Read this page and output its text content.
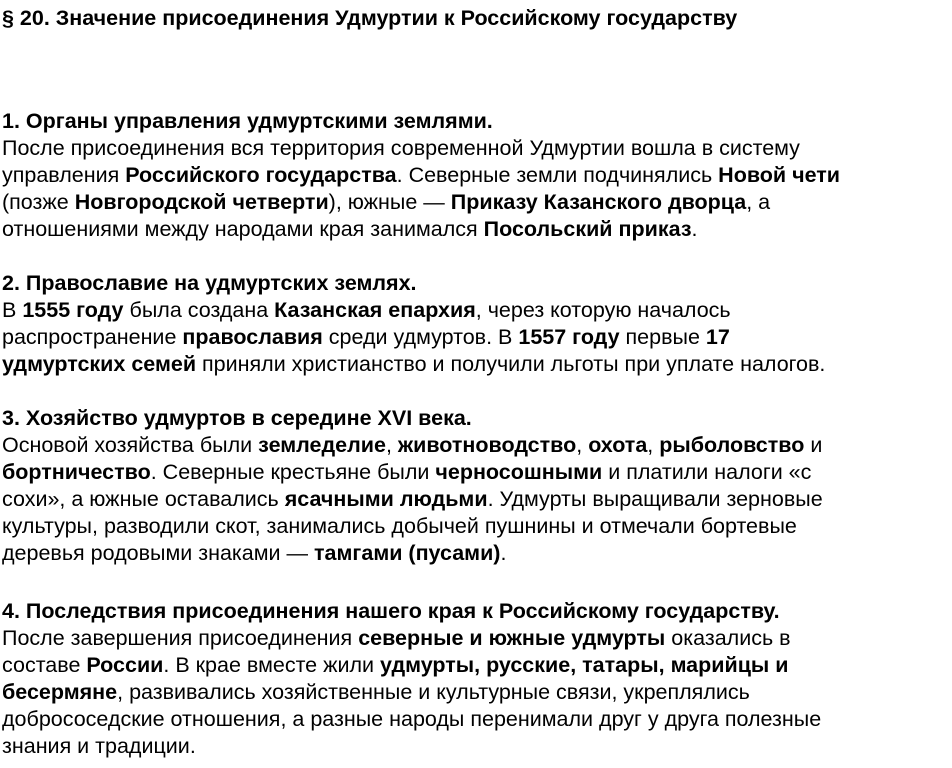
§ 20. Значение присоединения Удмуртии к Российскому государству
1. Органы управления удмуртскими землями.
После присоединения вся территория современной Удмуртии вошла в систему
управления Российского государства. Северные земли подчинялись Новой чети
(позже Новгородской четверти), южные — Приказу Казанского дворца, а
отношениями между народами края занимался Посольский приказ.
2. Православие на удмуртских землях.
В 1555 году была создана Казанская епархия, через которую началось
распространение православия среди удмуртов. В 1557 году первые 17
удмуртских семей приняли христианство и получили льготы при уплате налогов.
3. Хозяйство удмуртов в середине XVI века.
Основой хозяйства были земледелие, животноводство, охота, рыболовство и
бортничество. Северные крестьяне были черносошными и платили налоги «с
сохи», а южные оставались ясачными людьми. Удмурты выращивали зерновые
культуры, разводили скот, занимались добычей пушнины и отмечали бортевые
деревья родовыми знаками — тамгами (пусами).
4. Последствия присоединения нашего края к Российскому государству.
После завершения присоединения северные и южные удмурты оказались в
составе России. В крае вместе жили удмурты, русские, татары, марийцы и
бесермяне, развивались хозяйственные и культурные связи, укреплялись
добрососедские отношения, а разные народы перенимали друг у друга полезные
знания и традиции.
